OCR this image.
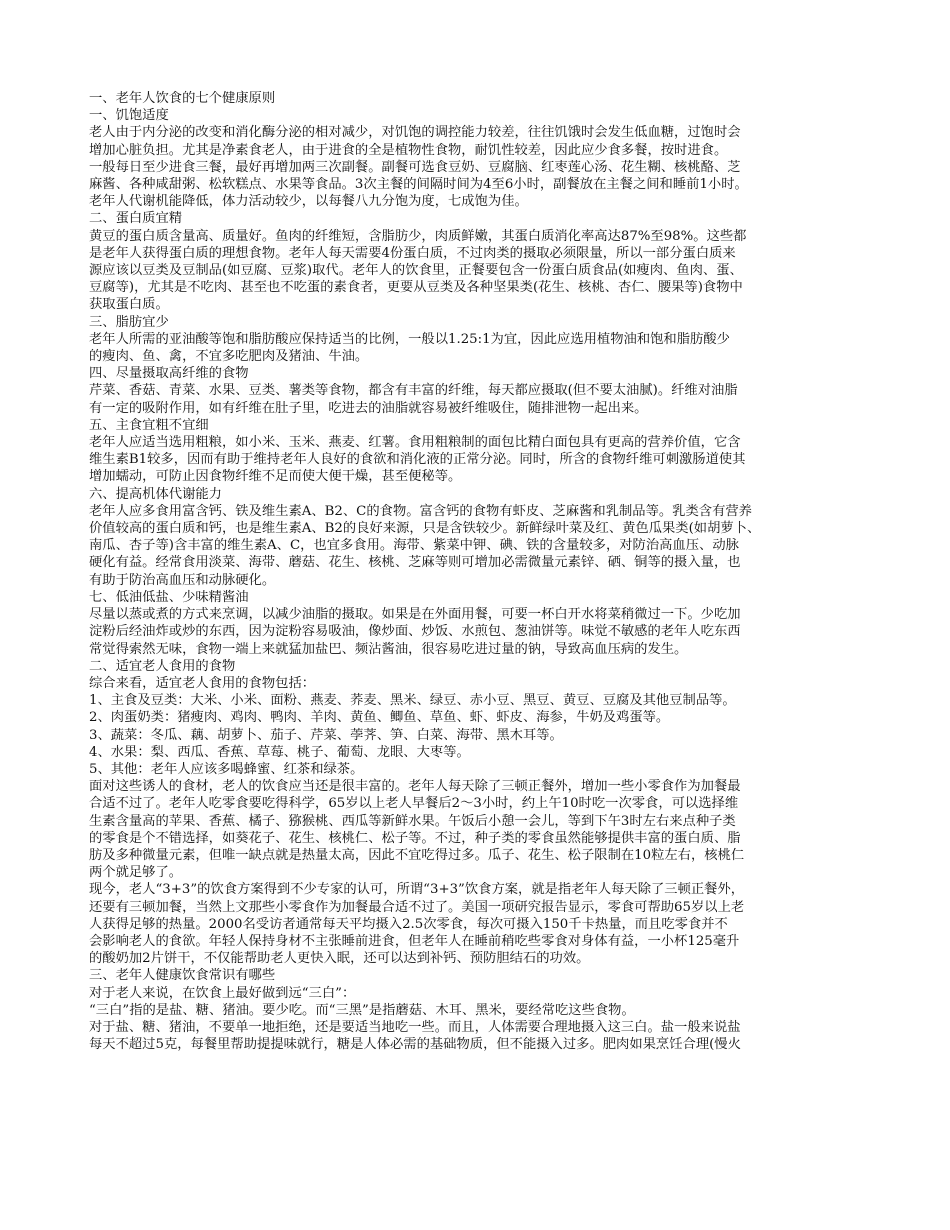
一、老年人饮食的七个健康原则
一、饥饱适度
老人由于内分泌的改变和消化酶分泌的相对减少，对饥饱的调控能力较差，往往饥饿时会发生低血糖，过饱时会
增加心脏负担。尤其是净素食老人，由于进食的全是植物性食物，耐饥性较差，因此应少食多餐，按时进食。
一般每日至少进食三餐，最好再增加两三次副餐。副餐可选食豆奶、豆腐脑、红枣莲心汤、花生糊、核桃酪、芝
麻酱、各种咸甜粥、松软糕点、水果等食品。3次主餐的间隔时间为4至6小时，副餐放在主餐之间和睡前1小时。
老年人代谢机能降低，体力活动较少，以每餐八九分饱为度，七成饱为佳。
二、蛋白质宜精
黄豆的蛋白质含量高、质量好。鱼肉的纤维短，含脂肪少，肉质鲜嫩，其蛋白质消化率高达87%至98%。这些都
是老年人获得蛋白质的理想食物。老年人每天需要4份蛋白质，不过肉类的摄取必须限量，所以一部分蛋白质来
源应该以豆类及豆制品(如豆腐、豆浆)取代。老年人的饮食里，正餐要包含一份蛋白质食品(如瘦肉、鱼肉、蛋、
豆腐等)，尤其是不吃肉、甚至也不吃蛋的素食者，更要从豆类及各种坚果类(花生、核桃、杏仁、腰果等)食物中
获取蛋白质。
三、脂肪宜少
老年人所需的亚油酸等饱和脂肪酸应保持适当的比例，一般以1.25:1为宜，因此应选用植物油和饱和脂肪酸少
的瘦肉、鱼、禽，不宜多吃肥肉及猪油、牛油。
四、尽量摄取高纤维的食物
芹菜、香菇、青菜、水果、豆类、薯类等食物，都含有丰富的纤维，每天都应摄取(但不要太油腻)。纤维对油脂
有一定的吸附作用，如有纤维在肚子里，吃进去的油脂就容易被纤维吸住，随排泄物一起出来。
五、主食宜粗不宜细
老年人应适当选用粗粮，如小米、玉米、燕麦、红薯。食用粗粮制的面包比精白面包具有更高的营养价值，它含
维生素B1较多，因而有助于维持老年人良好的食欲和消化液的正常分泌。同时，所含的食物纤维可刺激肠道使其
增加蠕动，可防止因食物纤维不足而使大便干燥，甚至便秘等。
六、提高机体代谢能力
老年人应多食用富含钙、铁及维生素A、B2、C的食物。富含钙的食物有虾皮、芝麻酱和乳制品等。乳类含有营养
价值较高的蛋白质和钙，也是维生素A、B2的良好来源，只是含铁较少。新鲜绿叶菜及红、黄色瓜果类(如胡萝卜、
南瓜、杏子等)含丰富的维生素A、C，也宜多食用。海带、紫菜中钾、碘、铁的含量较多，对防治高血压、动脉
硬化有益。经常食用淡菜、海带、蘑菇、花生、核桃、芝麻等则可增加必需微量元素锌、硒、铜等的摄入量，也
有助于防治高血压和动脉硬化。
七、低油低盐、少味精酱油
尽量以蒸或煮的方式来烹调，以减少油脂的摄取。如果是在外面用餐，可要一杯白开水将菜稍微过一下。少吃加
淀粉后经油炸或炒的东西，因为淀粉容易吸油，像炒面、炒饭、水煎包、葱油饼等。味觉不敏感的老年人吃东西
常觉得索然无味，食物一端上来就猛加盐巴、频沾酱油，很容易吃进过量的钠，导致高血压病的发生。
二、适宜老人食用的食物
综合来看，适宜老人食用的食物包括：
1、主食及豆类：大米、小米、面粉、燕麦、荞麦、黑米、绿豆、赤小豆、黑豆、黄豆、豆腐及其他豆制品等。
2、肉蛋奶类：猪瘦肉、鸡肉、鸭肉、羊肉、黄鱼、鲫鱼、草鱼、虾、虾皮、海参，牛奶及鸡蛋等。
3、蔬菜：冬瓜、藕、胡萝卜、茄子、芹菜、荸荠、笋、白菜、海带、黑木耳等。
4、水果：梨、西瓜、香蕉、草莓、桃子、葡萄、龙眼、大枣等。
5、其他：老年人应该多喝蜂蜜、红茶和绿茶。
面对这些诱人的食材，老人的饮食应当还是很丰富的。老年人每天除了三顿正餐外，增加一些小零食作为加餐最
合适不过了。老年人吃零食要吃得科学，65岁以上老人早餐后2～3小时，约上午10时吃一次零食，可以选择维
生素含量高的苹果、香蕉、橘子、猕猴桃、西瓜等新鲜水果。午饭后小憩一会儿，等到下午3时左右来点种子类
的零食是个不错选择，如葵花子、花生、核桃仁、松子等。不过，种子类的零食虽然能够提供丰富的蛋白质、脂
肪及多种微量元素，但唯一缺点就是热量太高，因此不宜吃得过多。瓜子、花生、松子限制在10粒左右，核桃仁
两个就足够了。
现今，老人“3+3”的饮食方案得到不少专家的认可，所谓“3+3”饮食方案，就是指老年人每天除了三顿正餐外，
还要有三顿加餐，当然上文那些小零食作为加餐最合适不过了。美国一项研究报告显示，零食可帮助65岁以上老
人获得足够的热量。2000名受访者通常每天平均摄入2.5次零食，每次可摄入150千卡热量，而且吃零食并不
会影响老人的食欲。年轻人保持身材不主张睡前进食，但老年人在睡前稍吃些零食对身体有益，一小杯125毫升
的酸奶加2片饼干，不仅能帮助老人更快入眠，还可以达到补钙、预防胆结石的功效。
三、老年人健康饮食常识有哪些
对于老人来说，在饮食上最好做到远“三白”：
“三白”指的是盐、糖、猪油。要少吃。而“三黑”是指蘑菇、木耳、黑米，要经常吃这些食物。
对于盐、糖、猪油，不要单一地拒绝，还是要适当地吃一些。而且，人体需要合理地摄入这三白。盐一般来说盐
每天不超过5克，每餐里帮助提提味就行，糖是人体必需的基础物质，但不能摄入过多。肥肉如果烹饪合理(慢火
